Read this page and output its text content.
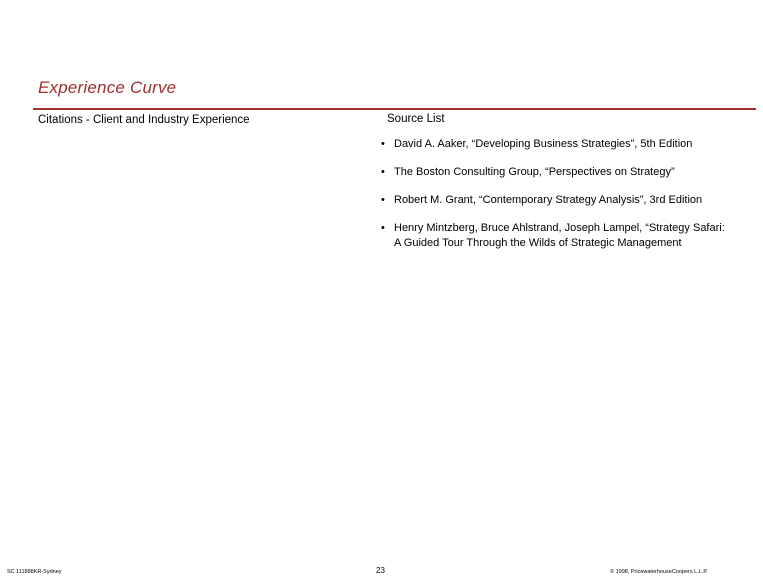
Experience Curve
Citations - Client and Industry Experience	Source List
• David A. Aaker, “Developing Business Strategies”, 5th Edition
• The Boston Consulting Group, “Perspectives on Strategy”
• Robert M. Grant, “Contemporary Strategy Analysis”, 3rd Edition
• Henry Mintzberg, Bruce Ahlstrand, Joseph Lampel, “Strategy Safari: A Guided Tour Through the Wilds of Strategic Management
SC 111888KR-Sydney	23	© 1998, PricewaterhouseCoopers L.L.P.
